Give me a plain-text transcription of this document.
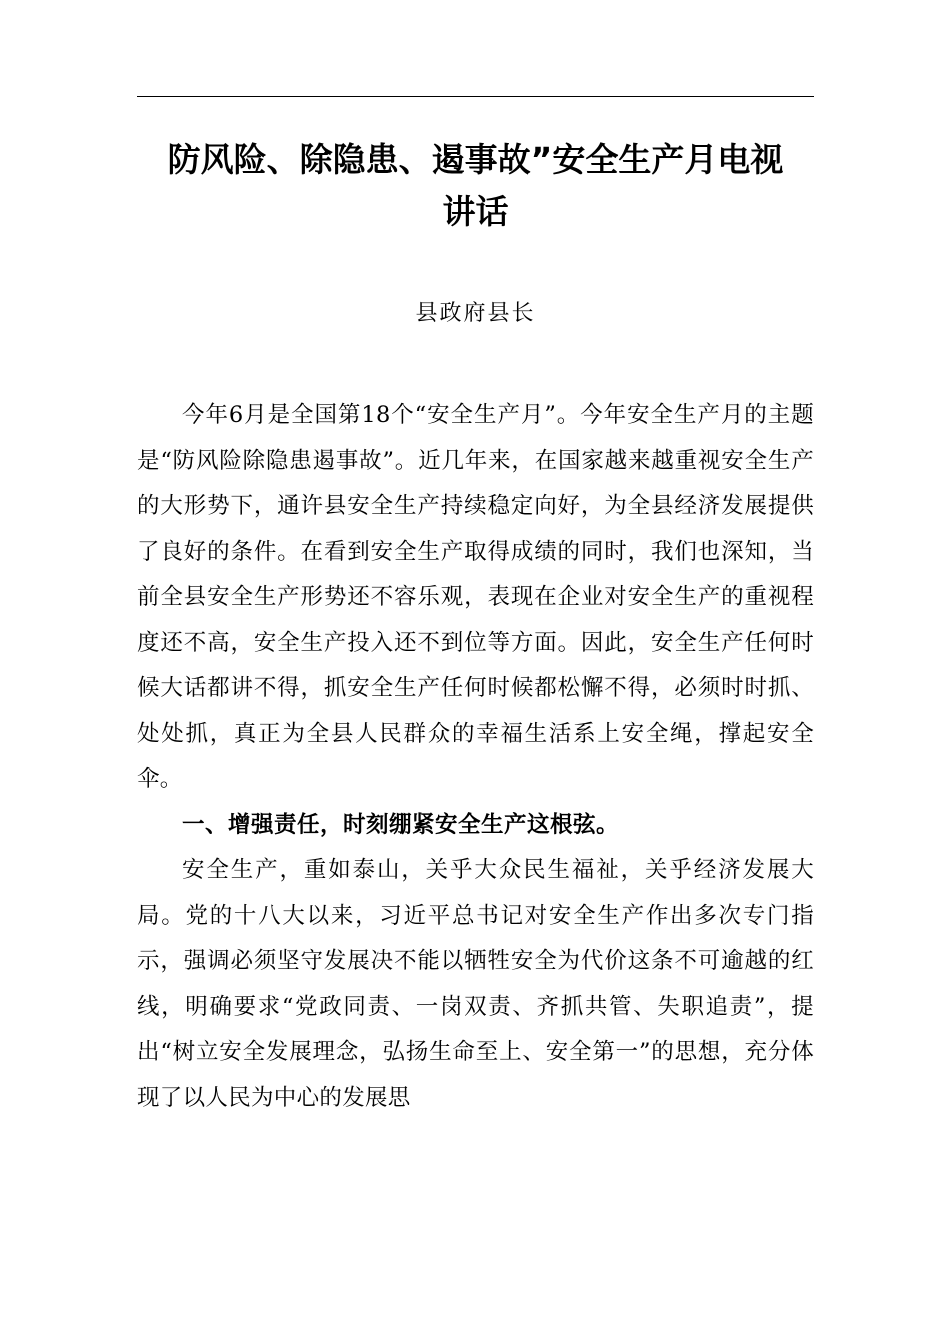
防风险、除隐患、遏事故”安全生产月电视
讲话
县政府县长

今年6月是全国第18个“安全生产月”。今年安全生产月的主题是“防风险除隐患遏事故”。近几年来，在国家越来越重视安全生产的大形势下，通许县安全生产持续稳定向好，为全县经济发展提供了良好的条件。在看到安全生产取得成绩的同时，我们也深知，当前全县安全生产形势还不容乐观，表现在企业对安全生产的重视程度还不高，安全生产投入还不到位等方面。因此，安全生产任何时候大话都讲不得，抓安全生产任何时候都松懈不得，必须时时抓、处处抓，真正为全县人民群众的幸福生活系上安全绳，撑起安全伞。

一、增强责任，时刻绷紧安全生产这根弦。

安全生产，重如泰山，关乎大众民生福祉，关乎经济发展大局。党的十八大以来，习近平总书记对安全生产作出多次专门指示，强调必须坚守发展决不能以牺牲安全为代价这条不可逾越的红线，明确要求“党政同责、一岗双责、齐抓共管、失职追责”，提出“树立安全发展理念，弘扬生命至上、安全第一”的思想，充分体现了以人民为中心的发展思
